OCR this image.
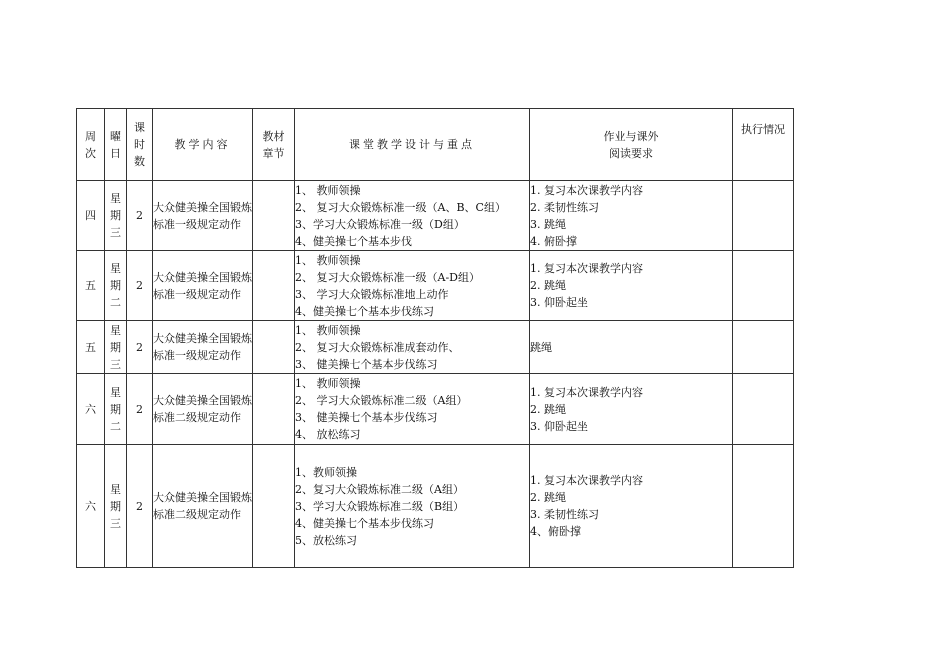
周
次	曜
日	课
时
数	教学内容	教材
章节	课堂教学设计与重点	作业与课外
阅读要求	执行情况
四	星
期
三	2	大众健美操全国锻炼标准一级规定动作		1、 教师领操
2、 复习大众锻炼标准一级（A、B、C组）
3、学习大众锻炼标准一级（D组）
4、健美操七个基本步伐	1. 复习本次课教学内容
2. 柔韧性练习
3. 跳绳
4. 俯卧撑	

五	星
期
二	2	大众健美操全国锻炼标准一级规定动作		1、 教师领操
2、 复习大众锻炼标准一级（A-D组）
3、 学习大众锻炼标准地上动作
4、健美操七个基本步伐练习	1. 复习本次课教学内容
2. 跳绳
3. 仰卧起坐	

五	星
期
三	2	大众健美操全国锻炼标准一级规定动作		1、 教师领操
2、 复习大众锻炼标准成套动作、
3、 健美操七个基本步伐练习	跳绳	

六	星
期
二	2	大众健美操全国锻炼标准二级规定动作		1、 教师领操
2、 学习大众锻炼标准二级（A组）
3、 健美操七个基本步伐练习
4、 放松练习	1. 复习本次课教学内容
2. 跳绳
3. 仰卧起坐	

六	星
期
三	2	大众健美操全国锻炼标准二级规定动作		1、教师领操
2、复习大众锻炼标准二级（A组）
3、学习大众锻炼标准二级（B组）
4、健美操七个基本步伐练习
5、放松练习	1. 复习本次课教学内容
2. 跳绳
3. 柔韧性练习
4、俯卧撑	
